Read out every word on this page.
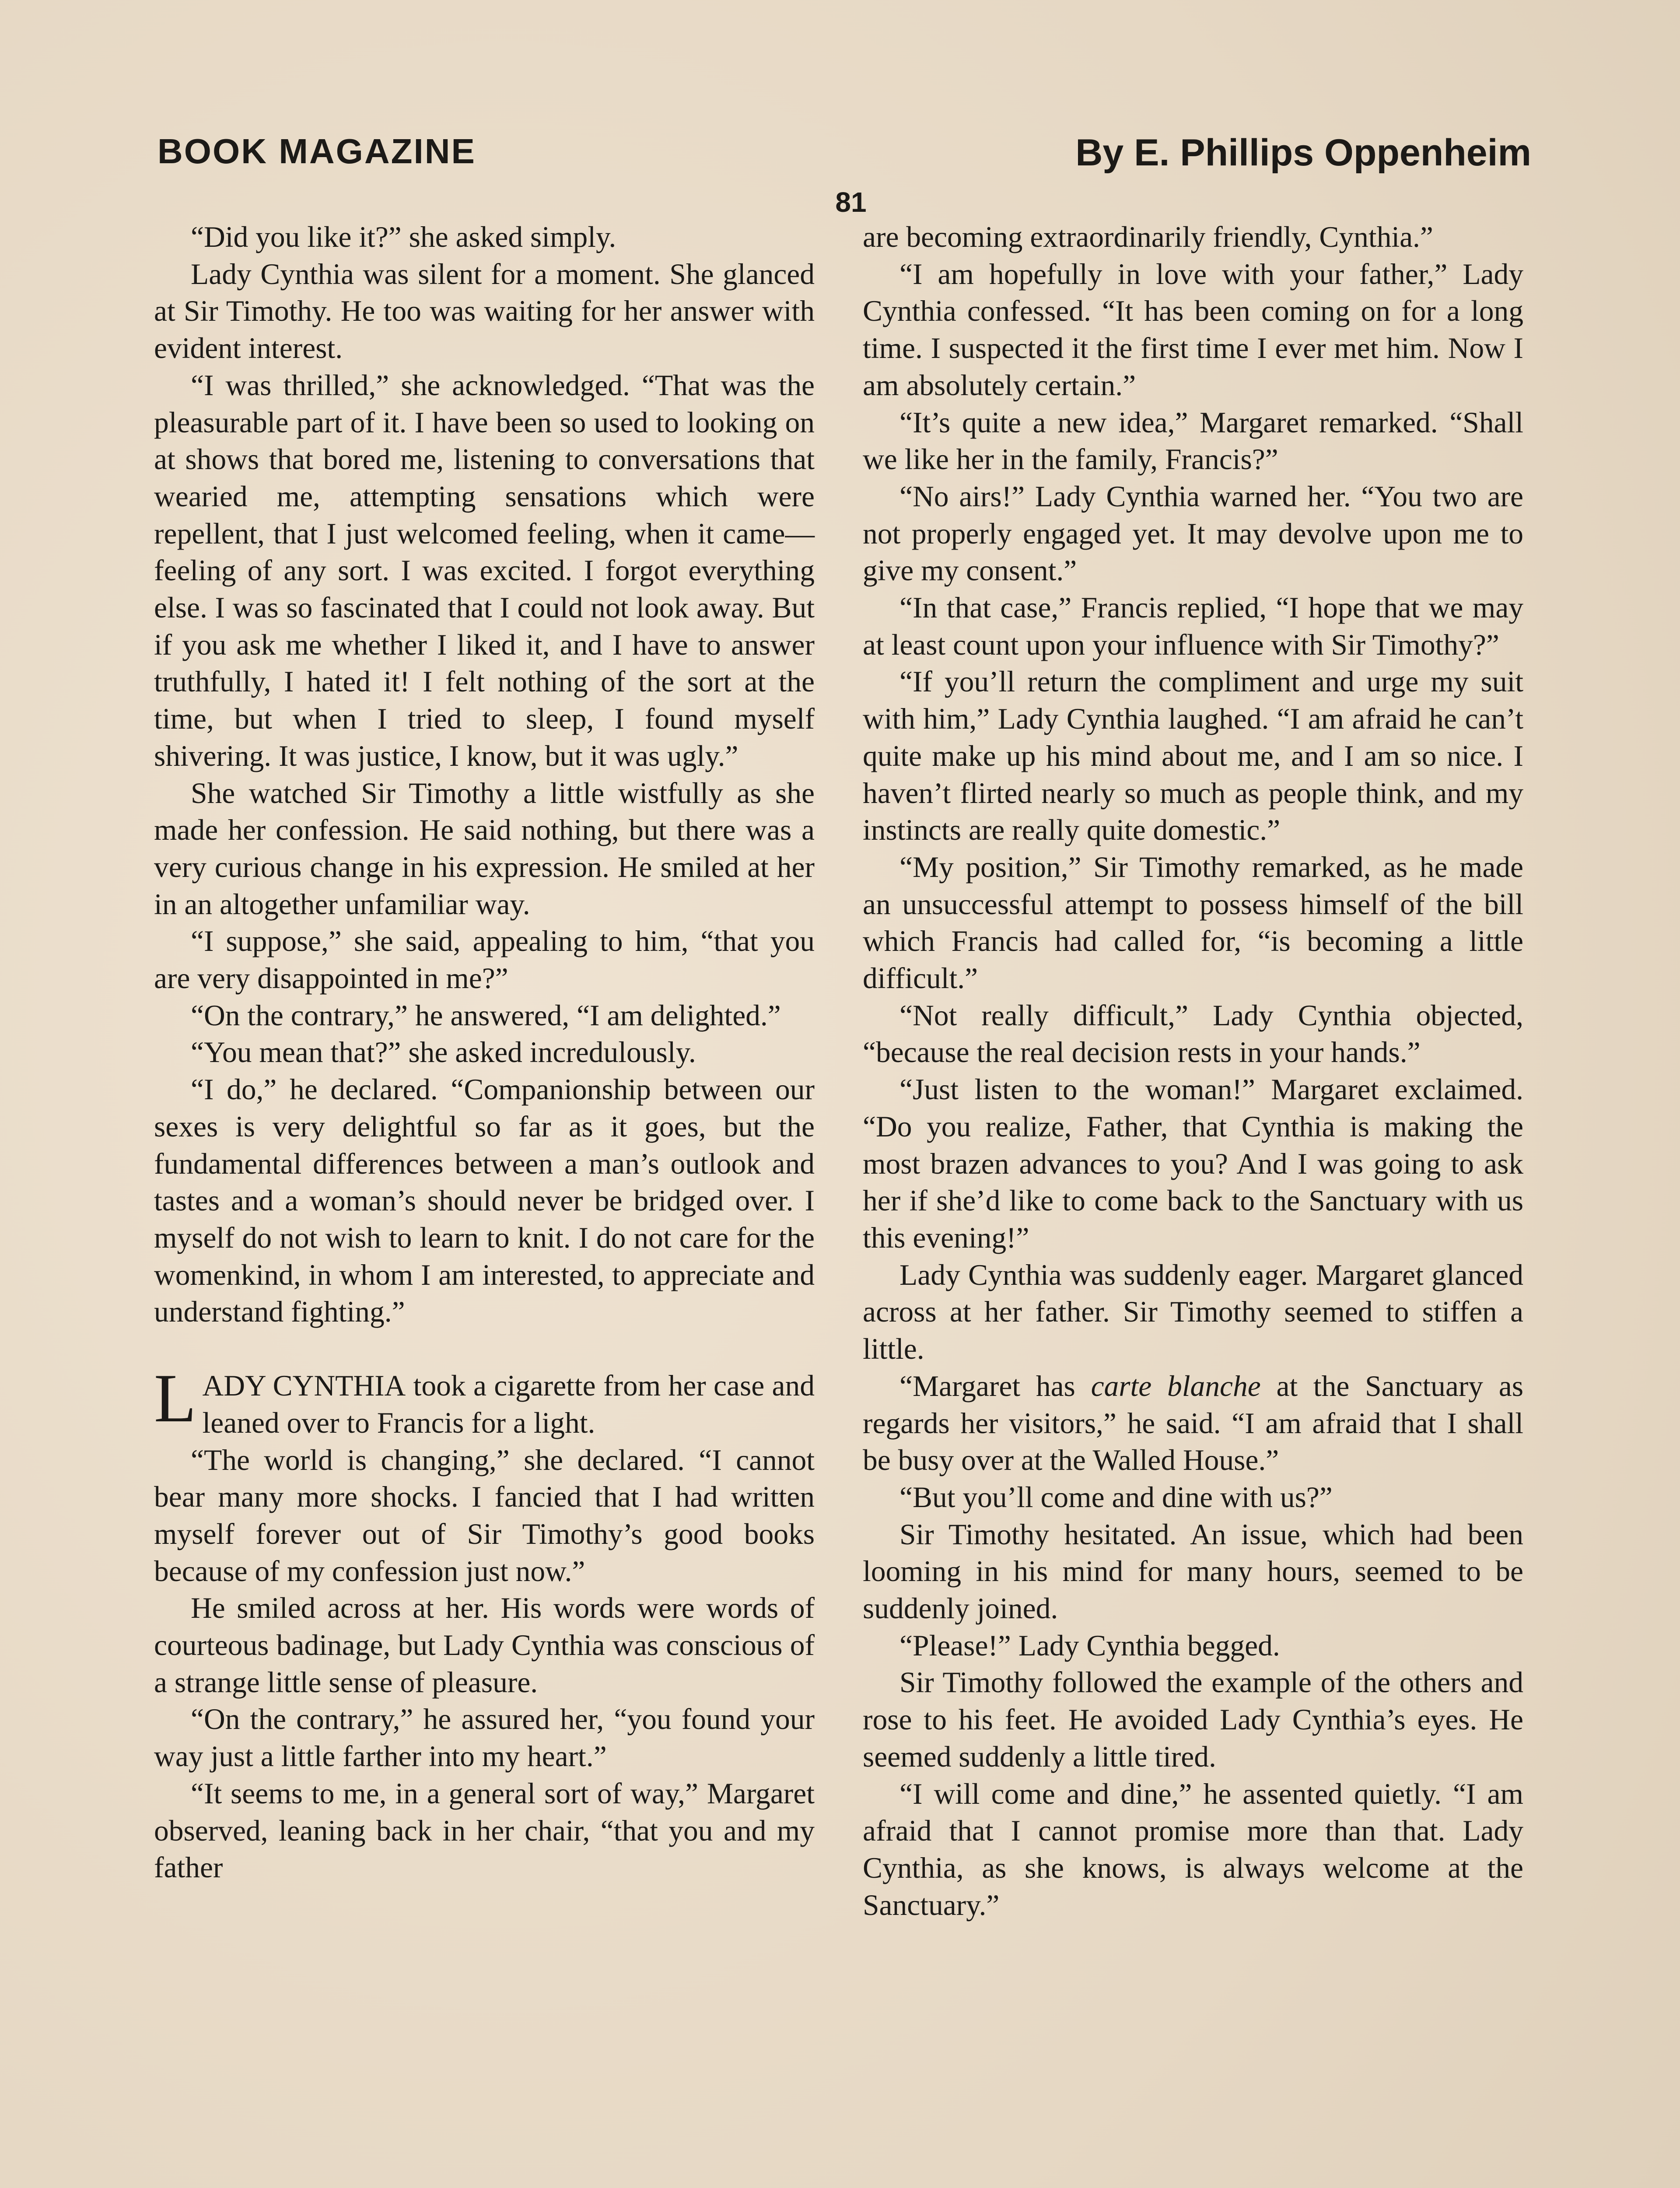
BOOK MAGAZINE	By E. Phillips Oppenheim
81

“Did you like it?” she asked simply.

Lady Cynthia was silent for a moment. She glanced at Sir Timothy. He too was waiting for her answer with evident interest.

“I was thrilled,” she acknowledged. “That was the pleasurable part of it. I have been so used to looking on at shows that bored me, listening to conversations that wearied me, attempting sensations which were repellent, that I just welcomed feeling, when it came—feeling of any sort. I was excited. I forgot everything else. I was so fascinated that I could not look away. But if you ask me whether I liked it, and I have to answer truthfully, I hated it! I felt nothing of the sort at the time, but when I tried to sleep, I found myself shivering. It was justice, I know, but it was ugly.”

She watched Sir Timothy a little wistfully as she made her confession. He said nothing, but there was a very curious change in his expression. He smiled at her in an altogether unfamiliar way.

“I suppose,” she said, appealing to him, “that you are very disappointed in me?”

“On the contrary,” he answered, “I am delighted.”

“You mean that?” she asked incredulously.

“I do,” he declared. “Companionship between our sexes is very delightful so far as it goes, but the fundamental differences between a man’s outlook and tastes and a woman’s should never be bridged over. I myself do not wish to learn to knit. I do not care for the womenkind, in whom I am interested, to appreciate and understand fighting.”

LADY CYNTHIA took a cigarette from her case and leaned over to Francis for a light.

“The world is changing,” she declared. “I cannot bear many more shocks. I fancied that I had written myself forever out of Sir Timothy’s good books because of my confession just now.”

He smiled across at her. His words were words of courteous badinage, but Lady Cynthia was conscious of a strange little sense of pleasure.

“On the contrary,” he assured her, “you found your way just a little farther into my heart.”

“It seems to me, in a general sort of way,” Margaret observed, leaning back in her chair, “that you and my father

are becoming extraordinarily friendly, Cynthia.”

“I am hopefully in love with your father,” Lady Cynthia confessed. “It has been coming on for a long time. I suspected it the first time I ever met him. Now I am absolutely certain.”

“It’s quite a new idea,” Margaret remarked. “Shall we like her in the family, Francis?”

“No airs!” Lady Cynthia warned her. “You two are not properly engaged yet. It may devolve upon me to give my consent.”

“In that case,” Francis replied, “I hope that we may at least count upon your influence with Sir Timothy?”

“If you’ll return the compliment and urge my suit with him,” Lady Cynthia laughed. “I am afraid he can’t quite make up his mind about me, and I am so nice. I haven’t flirted nearly so much as people think, and my instincts are really quite domestic.”

“My position,” Sir Timothy remarked, as he made an unsuccessful attempt to possess himself of the bill which Francis had called for, “is becoming a little difficult.”

“Not really difficult,” Lady Cynthia objected, “because the real decision rests in your hands.”

“Just listen to the woman!” Margaret exclaimed. “Do you realize, Father, that Cynthia is making the most brazen advances to you? And I was going to ask her if she’d like to come back to the Sanctuary with us this evening!”

Lady Cynthia was suddenly eager. Margaret glanced across at her father. Sir Timothy seemed to stiffen a little.

“Margaret has carte blanche at the Sanctuary as regards her visitors,” he said. “I am afraid that I shall be busy over at the Walled House.”

“But you’ll come and dine with us?”

Sir Timothy hesitated. An issue, which had been looming in his mind for many hours, seemed to be suddenly joined.

“Please!” Lady Cynthia begged.

Sir Timothy followed the example of the others and rose to his feet. He avoided Lady Cynthia’s eyes. He seemed suddenly a little tired.

“I will come and dine,” he assented quietly. “I am afraid that I cannot promise more than that. Lady Cynthia, as she knows, is always welcome at the Sanctuary.”
